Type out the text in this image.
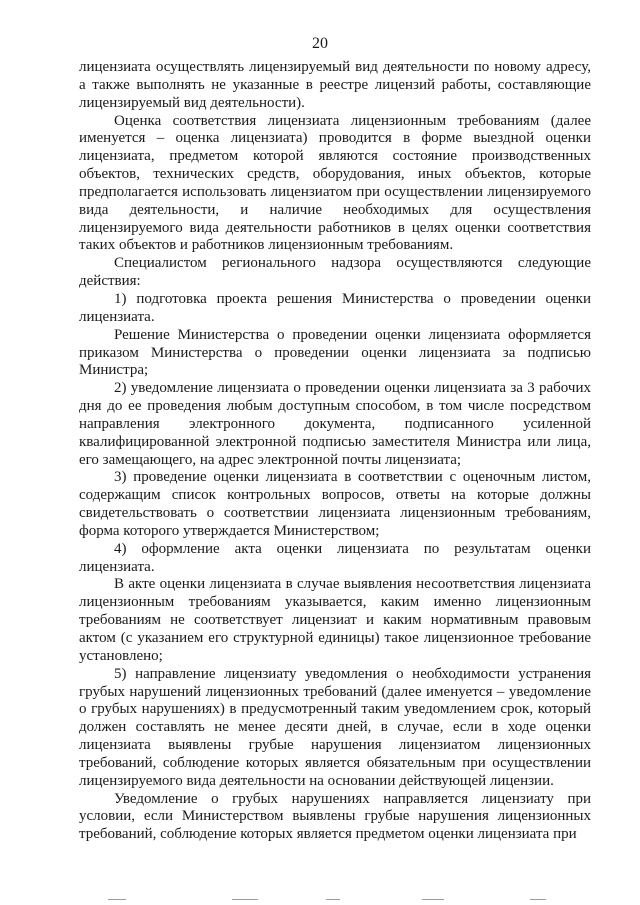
20

лицензиата осуществлять лицензируемый вид деятельности по новому адресу, а также выполнять не указанные в реестре лицензий работы, составляющие лицензируемый вид деятельности).

Оценка соответствия лицензиата лицензионным требованиям (далее именуется – оценка лицензиата) проводится в форме выездной оценки лицензиата, предметом которой являются состояние производственных объектов, технических средств, оборудования, иных объектов, которые предполагается использовать лицензиатом при осуществлении лицензируемого вида деятельности, и наличие необходимых для осуществления лицензируемого вида деятельности работников в целях оценки соответствия таких объектов и работников лицензионным требованиям.

Специалистом регионального надзора осуществляются следующие действия:

1) подготовка проекта решения Министерства о проведении оценки лицензиата.

Решение Министерства о проведении оценки лицензиата оформляется приказом Министерства о проведении оценки лицензиата за подписью Министра;

2) уведомление лицензиата о проведении оценки лицензиата за 3 рабочих дня до ее проведения любым доступным способом, в том числе посредством направления электронного документа, подписанного усиленной квалифицированной электронной подписью заместителя Министра или лица, его замещающего, на адрес электронной почты лицензиата;

3) проведение оценки лицензиата в соответствии с оценочным листом, содержащим список контрольных вопросов, ответы на которые должны свидетельствовать о соответствии лицензиата лицензионным требованиям, форма которого утверждается Министерством;

4) оформление акта оценки лицензиата по результатам оценки лицензиата.

В акте оценки лицензиата в случае выявления несоответствия лицензиата лицензионным требованиям указывается, каким именно лицензионным требованиям не соответствует лицензиат и каким нормативным правовым актом (с указанием его структурной единицы) такое лицензионное требование установлено;

5) направление лицензиату уведомления о необходимости устранения грубых нарушений лицензионных требований (далее именуется – уведомление о грубых нарушениях) в предусмотренный таким уведомлением срок, который должен составлять не менее десяти дней, в случае, если в ходе оценки лицензиата выявлены грубые нарушения лицензиатом лицензионных требований, соблюдение которых является обязательным при осуществлении лицензируемого вида деятельности на основании действующей лицензии.

Уведомление о грубых нарушениях направляется лицензиату при условии, если Министерством выявлены грубые нарушения лицензионных требований, соблюдение которых является предметом оценки лицензиата при
